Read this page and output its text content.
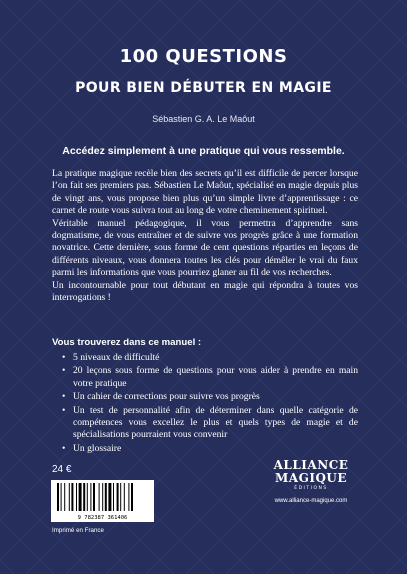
100 QUESTIONS
POUR BIEN DÉBUTER EN MAGIE
Sébastien G. A. Le Maôut
Accédez simplement à une pratique qui vous ressemble.

La pratique magique recèle bien des secrets qu’il est difficile de percer lorsque l’on fait ses premiers pas. Sébastien Le Maôut, spécialisé en magie depuis plus de vingt ans, vous propose bien plus qu’un simple livre d’apprentissage : ce carnet de route vous suivra tout au long de votre cheminement spirituel.

Véritable manuel pédagogique, il vous permettra d’apprendre sans dogmatisme, de vous entraîner et de suivre vos progrès grâce à une formation novatrice. Cette dernière, sous forme de cent questions réparties en leçons de différents niveaux, vous donnera toutes les clés pour démêler le vrai du faux parmi les informations que vous pourriez glaner au fil de vos recherches.

Un incontournable pour tout débutant en magie qui répondra à toutes vos interrogations !

Vous trouverez dans ce manuel :
• 5 niveaux de difficulté
• 20 leçons sous forme de questions pour vous aider à prendre en main votre pratique
• Un cahier de corrections pour suivre vos progrès
• Un test de personnalité afin de déterminer dans quelle catégorie de compétences vous excellez le plus et quels types de magie et de spécialisations pourraient vous convenir
• Un glossaire
24 €
9 782387 361406
Imprimé en France
ALLIANCE
MAGIQUE
ÉDITIONS
www.alliance-magique.com
